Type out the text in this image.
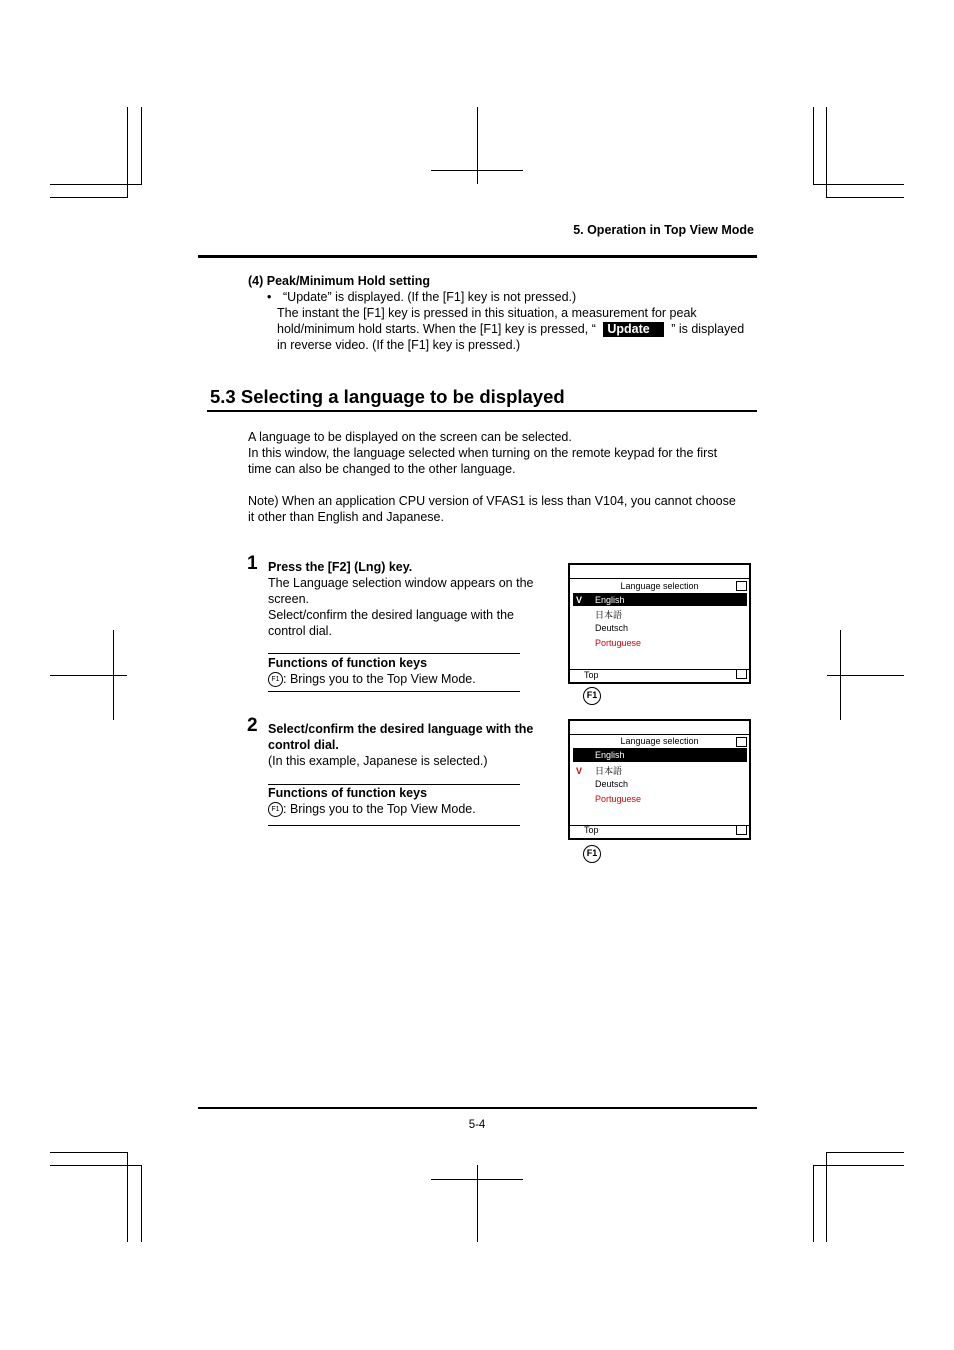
5. Operation in Top View Mode
(4) Peak/Minimum Hold setting
• “Update” is displayed. (If the [F1] key is not pressed.)
The instant the [F1] key is pressed in this situation, a measurement for peak
hold/minimum hold starts. When the [F1] key is pressed, “ Update ” is displayed
in reverse video. (If the [F1] key is pressed.)
5.3 Selecting a language to be displayed
A language to be displayed on the screen can be selected.
In this window, the language selected when turning on the remote keypad for the first
time can also be changed to the other language.
Note) When an application CPU version of VFAS1 is less than V104, you cannot choose
it other than English and Japanese.
1 Press the [F2] (Lng) key.
The Language selection window appears on the
screen.
Select/confirm the desired language with the
control dial.
Functions of function keys
F1 : Brings you to the Top View Mode.
2 Select/confirm the desired language with the
control dial.
(In this example, Japanese is selected.)
Functions of function keys
F1 : Brings you to the Top View Mode.
Language selection
V English
日本語
Deutsch
Portuguese
Top
F1
Language selection
English
V 日本語
Deutsch
Portuguese
Top
F1
5-4
